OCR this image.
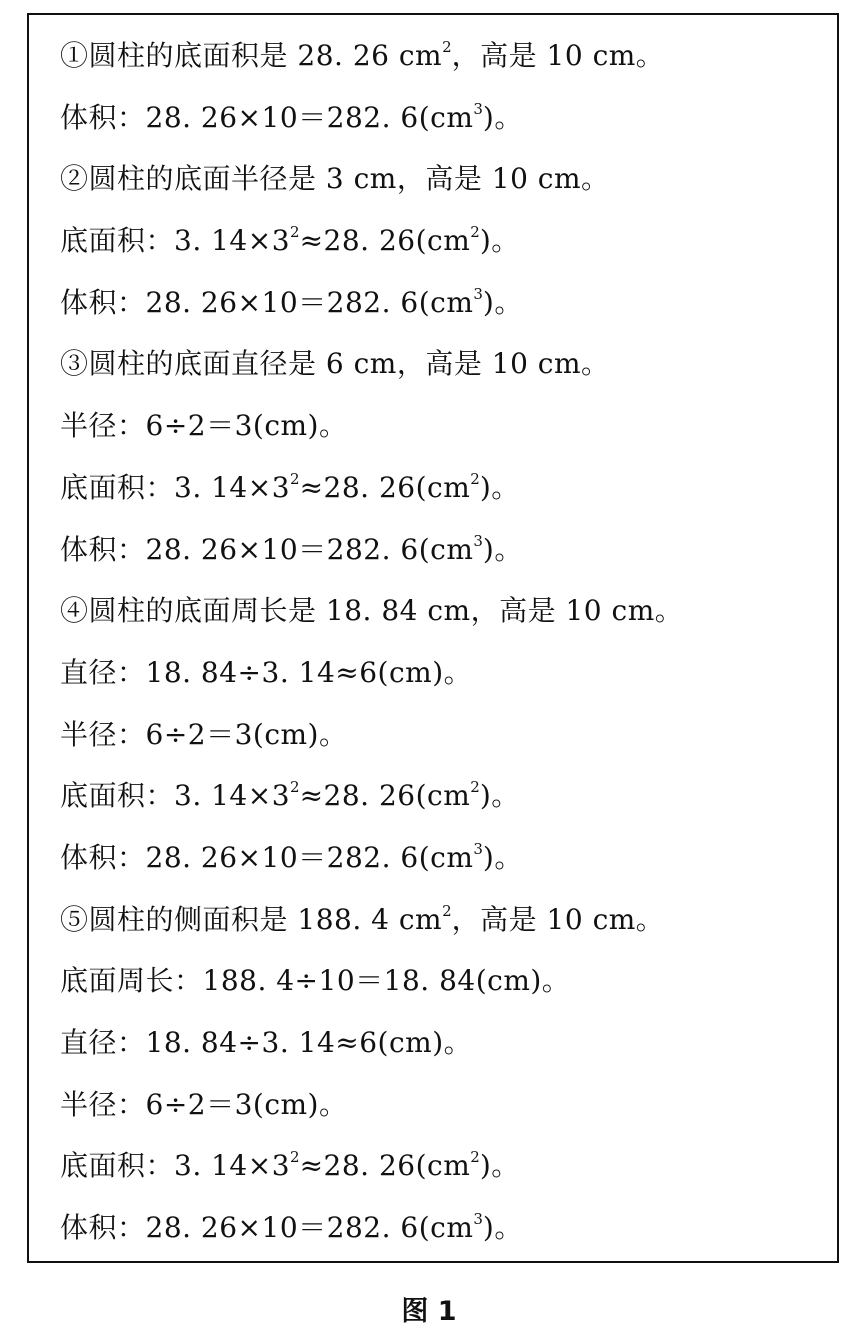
①圆柱的底面积是 28. 26 $cm^2$，高是 10 cm。
体积：28. 26×10＝282. $6(cm^3)$。
②圆柱的底面半径是 3 cm，高是 10 cm。
底面积：3. $14\times 3^2\approx 28$. $26(cm^2)$。
体积：28. 26×10＝282. $6(cm^3)$。
③圆柱的底面直径是 6 cm，高是 10 cm。
半径：6÷2＝3(cm)。
底面积：3. $14\times 3^2\approx 28$. $26(cm^2)$。
体积：28. 26×10＝282. $6(cm^3)$。
④圆柱的底面周长是 18. 84 cm，高是 10 cm。
直径：18. 84÷3. 14≈6(cm)。
半径：6÷2＝3(cm)。
底面积：3. $14\times 3^2\approx 28$. $26(cm^2)$。
体积：28. 26×10＝282. $6(cm^3)$。
⑤圆柱的侧面积是 188. 4 $cm^2$，高是 10 cm。
底面周长：188. 4÷10＝18. 84(cm)。
直径：18. 84÷3. 14≈6(cm)。
半径：6÷2＝3(cm)。
底面积：3. $14\times 3^2\approx 28$. $26(cm^2)$。
体积：28. 26×10＝282. $6(cm^3)$。
图 1
